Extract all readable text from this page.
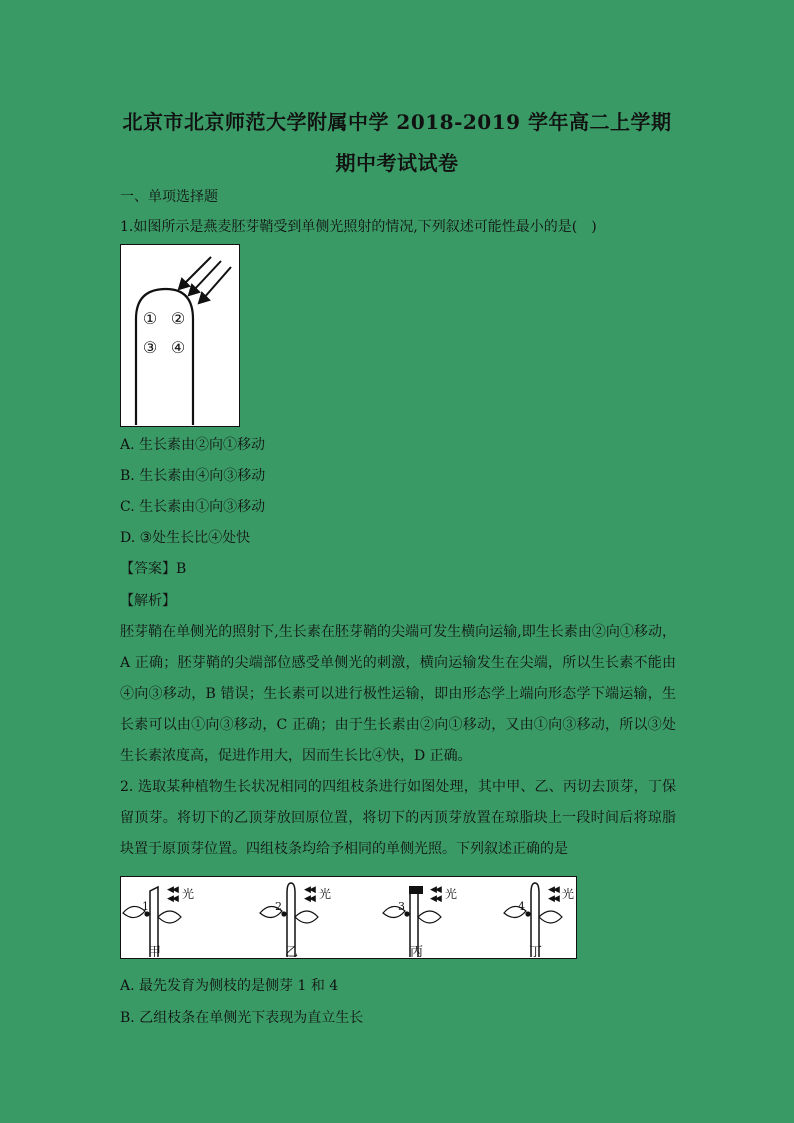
北京市北京师范大学附属中学 2018-2019 学年高二上学期
期中考试试卷
一、单项选择题
1.如图所示是燕麦胚芽鞘受到单侧光照射的情况,下列叙述可能性最小的是(　)
① ②
③ ④
A. 生长素由②向①移动
B. 生长素由④向③移动
C. 生长素由①向③移动
D. ③处生长比④处快
【答案】B
【解析】
胚芽鞘在单侧光的照射下,生长素在胚芽鞘的尖端可发生横向运输,即生长素由②向①移动，A 正确；胚芽鞘的尖端部位感受单侧光的刺激，横向运输发生在尖端，所以生长素不能由④向③移动，B 错误；生长素可以进行极性运输，即由形态学上端向形态学下端运输，生长素可以由①向③移动，C 正确；由于生长素由②向①移动，又由①向③移动，所以③处生长素浓度高，促进作用大，因而生长比④快，D 正确。
2. 选取某种植物生长状况相同的四组枝条进行如图处理，其中甲、乙、丙切去顶芽，丁保留顶芽。将切下的乙顶芽放回原位置，将切下的丙顶芽放置在琼脂块上一段时间后将琼脂块置于原顶芽位置。四组枝条均给予相同的单侧光照。下列叙述正确的是
1
◀◀
◀◀ 光
甲
2
◀◀
◀◀ 光
乙
3
◀◀
◀◀ 光
丙
4
◀◀
◀◀ 光
丁
A. 最先发育为侧枝的是侧芽 1 和 4
B. 乙组枝条在单侧光下表现为直立生长
